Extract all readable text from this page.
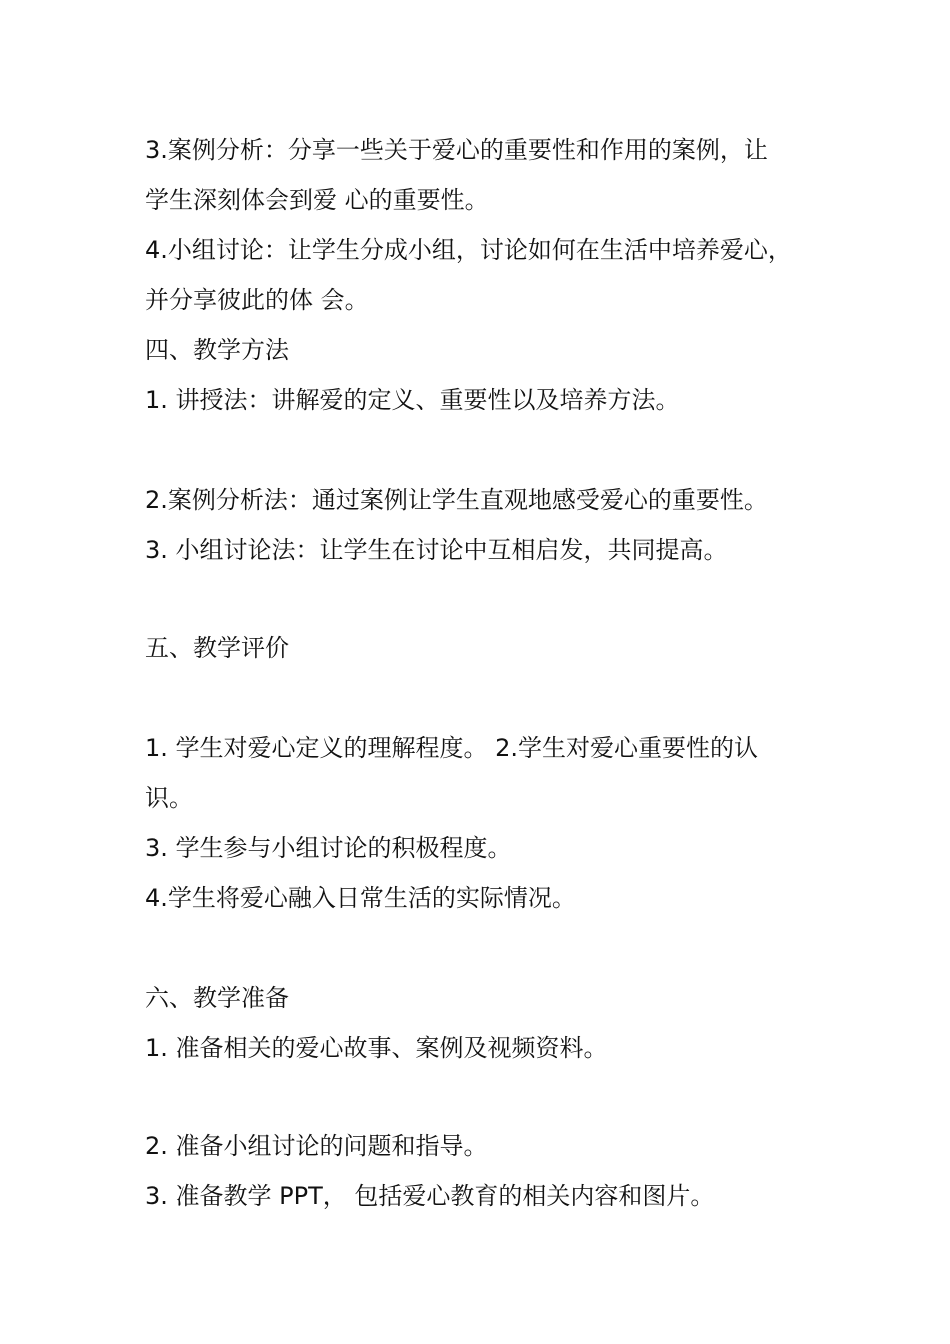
3.案例分析：分享一些关于爱心的重要性和作用的案例，让
学生深刻体会到爱 心的重要性。
4.小组讨论：让学生分成小组，讨论如何在生活中培养爱心，
并分享彼此的体 会。
四、教学方法
1. 讲授法：讲解爱的定义、重要性以及培养方法。
2.案例分析法：通过案例让学生直观地感受爱心的重要性。
3. 小组讨论法：让学生在讨论中互相启发，共同提高。
五、教学评价
1. 学生对爱心定义的理解程度。 2.学生对爱心重要性的认
识。
3. 学生参与小组讨论的积极程度。
4.学生将爱心融入日常生活的实际情况。
六、教学准备
1. 准备相关的爱心故事、案例及视频资料。
2. 准备小组讨论的问题和指导。
3. 准备教学 PPT， 包括爱心教育的相关内容和图片。
